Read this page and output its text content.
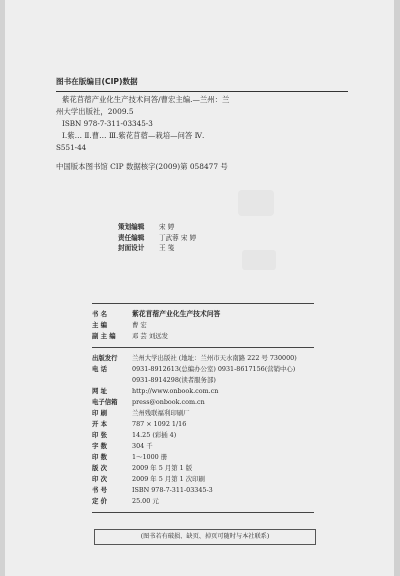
图书在版编目(CIP)数据
紫花苜蓿产业化生产技术问答/曹宏主编.—兰州：兰
州大学出版社，2009.5
ISBN 978-7-311-03345-3
Ⅰ.紫… Ⅱ.曹… Ⅲ.紫花苜蓿—栽培—问答 Ⅳ.
S551-44
中国版本图书馆 CIP 数据核字(2009)第 058477 号
策划编辑	宋 婷
责任编辑	丁武蓉 宋 婷
封面设计	王 笺
书 名	紫花苜蓿产业化生产技术问答
主 编	曹 宏
副 主 编	邓 芸 刘远发
出版发行	兰州大学出版社 (地址：兰州市天水南路 222 号 730000)
电 话	0931-8912613(总编办公室) 0931-8617156(营销中心)
0931-8914298(读者服务部)
网 址	http://www.onbook.com.cn
电子信箱	press@onbook.com.cn
印 刷	兰州残联福利印刷厂
开 本	787 × 1092 1/16
印 张	14.25 (彩插 4)
字 数	304 千
印 数	1～1000 册
版 次	2009 年 5 月第 1 版
印 次	2009 年 5 月第 1 次印刷
书 号	ISBN 978-7-311-03345-3
定 价	25.00 元
(图书若有破损、缺页、掉页可随时与本社联系)
